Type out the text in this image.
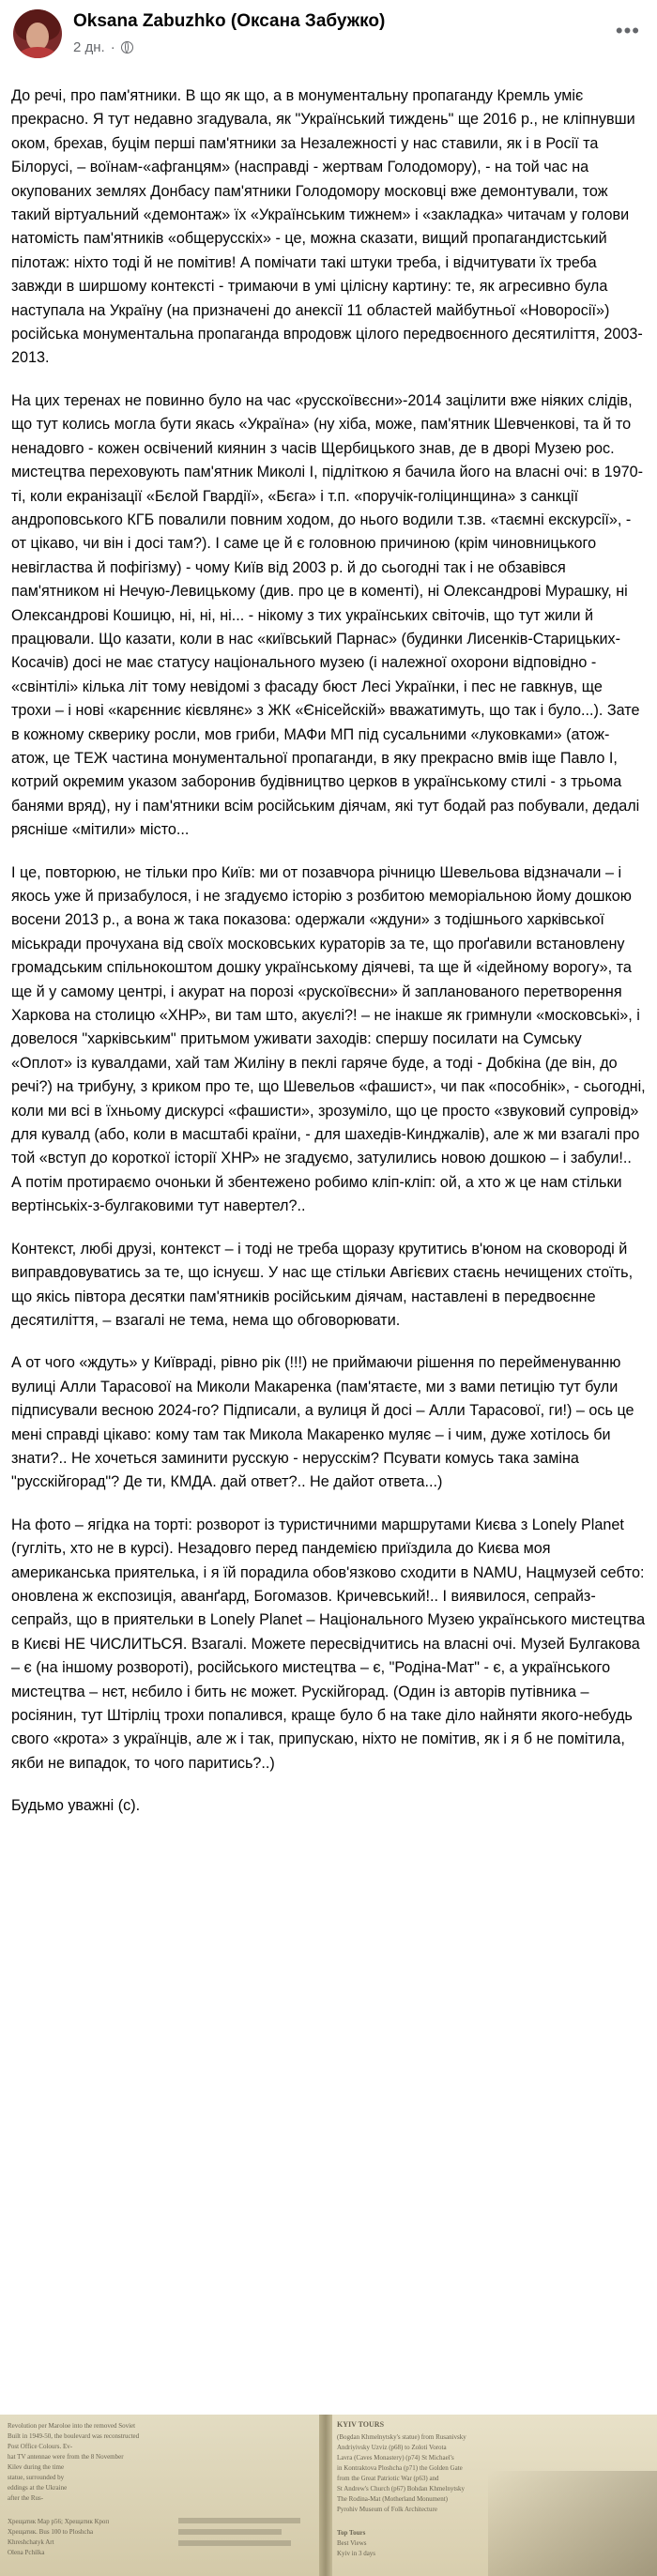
Oksana Zabuzhko (Оксана Забужко)
2 дн. ·
•••

До речі, про пам'ятники. В що як що, а в монументальну пропаганду Кремль уміє прекрасно. Я тут недавно згадувала, як "Український тиждень" ще 2016 р., не кліпнувши оком, брехав, буцім перші пам'ятники за Незалежності у нас ставили, як і в Росії та Білорусі, – воїнам-«афганцям» (насправді - жертвам Голодомору), - на той час на окупованих землях Донбасу пам'ятники Голодомору московці вже демонтували, тож такий віртуальний «демонтаж» їх «Українським тижнем» і «закладка» читачам у голови натомість пам'ятників «общерусскіх» - це, можна сказати, вищий пропагандистський пілотаж: ніхто тоді й не помітив! А помічати такі штуки треба, і відчитувати їх треба завжди в ширшому контексті - тримаючи в умі цілісну картину: те, як агресивно була наступала на Україну (на призначені до анексії 11 областей майбутньої «Новоросії») російська монументальна пропаганда впродовж цілого передвоєнного десятиліття, 2003-2013.

На цих теренах не повинно було на час «русскоївєсни»-2014 зацілити вже ніяких слідів, що тут колись могла бути якась «Україна» (ну хіба, може, пам'ятник Шевченкові, та й то ненадовго - кожен освічений киянин з часів Щербицького знав, де в дворі Музею рос. мистецтва переховують пам'ятник Миколі І, підліткою я бачила його на власні очі: в 1970-ті, коли екранізації «Бєлой Гвардії», «Бєга» і т.п. «поручік-голіцинщина» з санкції андроповського КГБ повалили повним ходом, до нього водили т.зв. «таємні екскурсії», - от цікаво, чи він і досі там?). І саме це й є головною причиною (крім чиновницького невігластва й пофігізму) - чому Київ від 2003 р. й до сьогодні так і не обзавівся пам'ятником ні Нечую-Левицькому (див. про це в коменті), ні Олександрові Мурашку, ні Олександрові Кошицю, ні, ні, ні... - нікому з тих українських світочів, що тут жили й працювали. Що казати, коли в нас «київський Парнас» (будинки Лисенків-Старицьких-Косачів) досі не має статусу національного музею (і належної охорони відповідно - «свінтілі» кілька літ тому невідомі з фасаду бюст Лесі Українки, і пес не гавкнув, ще трохи – і нові «карєнниє кієвлянє» з ЖК «Єнісейскій» вважатимуть, що так і було...). Зате в кожному скверику росли, мов гриби, МАФи МП під сусальними «луковками» (атож-атож, це ТЕЖ частина монументальної пропаганди, в яку прекрасно вмів іще Павло І, котрий окремим указом заборонив будівництво церков в українському стилі - з трьома банями вряд), ну і пам'ятники всім російським діячам, які тут бодай раз побували, дедалі рясніше «мітили» місто...

І це, повторюю, не тільки про Київ: ми от позавчора річницю Шевельова відзначали – і якось уже й призабулося, і не згадуємо історію з розбитою меморіальною йому дошкою восени 2013 р., а вона ж така показова: одержали «ждуни» з тодішнього харківської міськради прочухана від своїх московських кураторів за те, що проґавили встановлену громадським спільнокоштом дошку українському діячеві, та ще й «ідейному ворогу», та ще й у самому центрі, і акурат на порозі «рускоївєсни» й запланованого перетворення Харкова на столицю «ХНР», ви там што, акуєлі?! – не інакше як гримнули «московські», і довелося "харківським" притьмом уживати заходів: спершу посилати на Сумську «Оплот» із кувалдами, хай там Жиліну в пеклі гаряче буде, а тоді - Добкіна (де він, до речі?) на трибуну, з криком про те, що Шевельов «фашист», чи пак «пособнік», - сьогодні, коли ми всі в їхньому дискурсі «фашисти», зрозуміло, що це просто «звуковий супровід» для кувалд (або, коли в масштабі країни, - для шахедів-Кинджалів), але ж ми взагалі про той «вступ до короткої історії ХНР» не згадуємо, затулились новою дошкою – і забули!.. А потім протираємо очоньки й збентежено робимо кліп-кліп: ой, а хто ж це нам стільки вертінськіх-з-булгаковими тут навертел?..

Контекст, любі друзі, контекст – і тоді не треба щоразу крутитись в'юном на сковороді й виправдовуватись за те, що існуєш. У нас ще стільки Авгієвих стаєнь нечищених стоїть, що якісь півтора десятки пам'ятників російським діячам, наставлені в передвоєнне десятиліття, – взагалі не тема, нема що обговорювати.

А от чого «ждуть» у Київраді, рівно рік (!!!) не приймаючи рішення по перейменуванню вулиці Алли Тарасової на Миколи Макаренка (пам'ятаєте, ми з вами петицію тут були підписували весною 2024-го? Підписали, а вулиця й досі – Алли Тарасової, ги!) – ось це мені справді цікаво: кому там так Микола Макаренко муляє – і чим, дуже хотілось би знати?.. Не хочеться заминити русскую - нерусскім? Псувати комусь така заміна "русскійгорад"? Де ти, КМДА. дай ответ?.. Не дайот ответа...)

На фото – ягідка на торті: розворот із туристичними маршрутами Києва з Lonely Planet (гугліть, хто не в курсі). Незадовго перед пандемією приїздила до Києва моя американська приятелька, і я їй порадила обов'язково сходити в NAMU, Нацмузей себто: оновлена ж експозиція, аванґард, Богомазов. Кричевський!.. І виявилося, сепрайз-сепрайз, що в приятельки в Lonely Planet – Національного Музею українського мистецтва в Києві НЕ ЧИСЛИТЬСЯ. Взагалі. Можете пересвідчитись на власні очі. Музей Булгакова – є (на іншому розвороті), російського мистецтва – є, "Родіна-Мат" - є, а українського мистецтва – нєт, нєбило і бить нє может. Рускійгорад. (Один із авторів путівника – росіянин, тут Штірліц трохи попалився, краще було б на таке діло найняти якого-небудь свого «крота» з українців, але ж і так, припускаю, ніхто не помітив, як і я б не помітила, якби не випадок, то чого паритись?..)

Будьмо уважні (с).

Revolution per Maroloe into the removed Soviet
Built in 1949-50, the boulevard was reconstructed
Post Office Colours. Ev-
hat TV antennae were from the 8 November
Kilev during the time
statue, surrounded by
eddings at the Ukraine
after the Rus-
Хрещатик Map p56; Хрещатик Кроп
Хрещатик. Bus 100 to Ploshcha
Khreshchatyk Art
Olena Pchilka
KYIV TOURS
(Bogdan Khmelnytsky's statue) from Rusanivsky
Andriyivsky Uzviz (p68) to Zoloti Vorota
Lavra (Caves Monastery) (p74) St Michael's
in Kontraktova Ploshcha (p71) the Golden Gate
from the Great Patriotic War (p63) and
St Andrew's Church (p67) Bohdan Khmelnytsky
The Rodina-Mat (Motherland Monument)
Pyrohiv Museum of Folk Architecture
Top Tours
Best Views
Kyiv in 3 days
